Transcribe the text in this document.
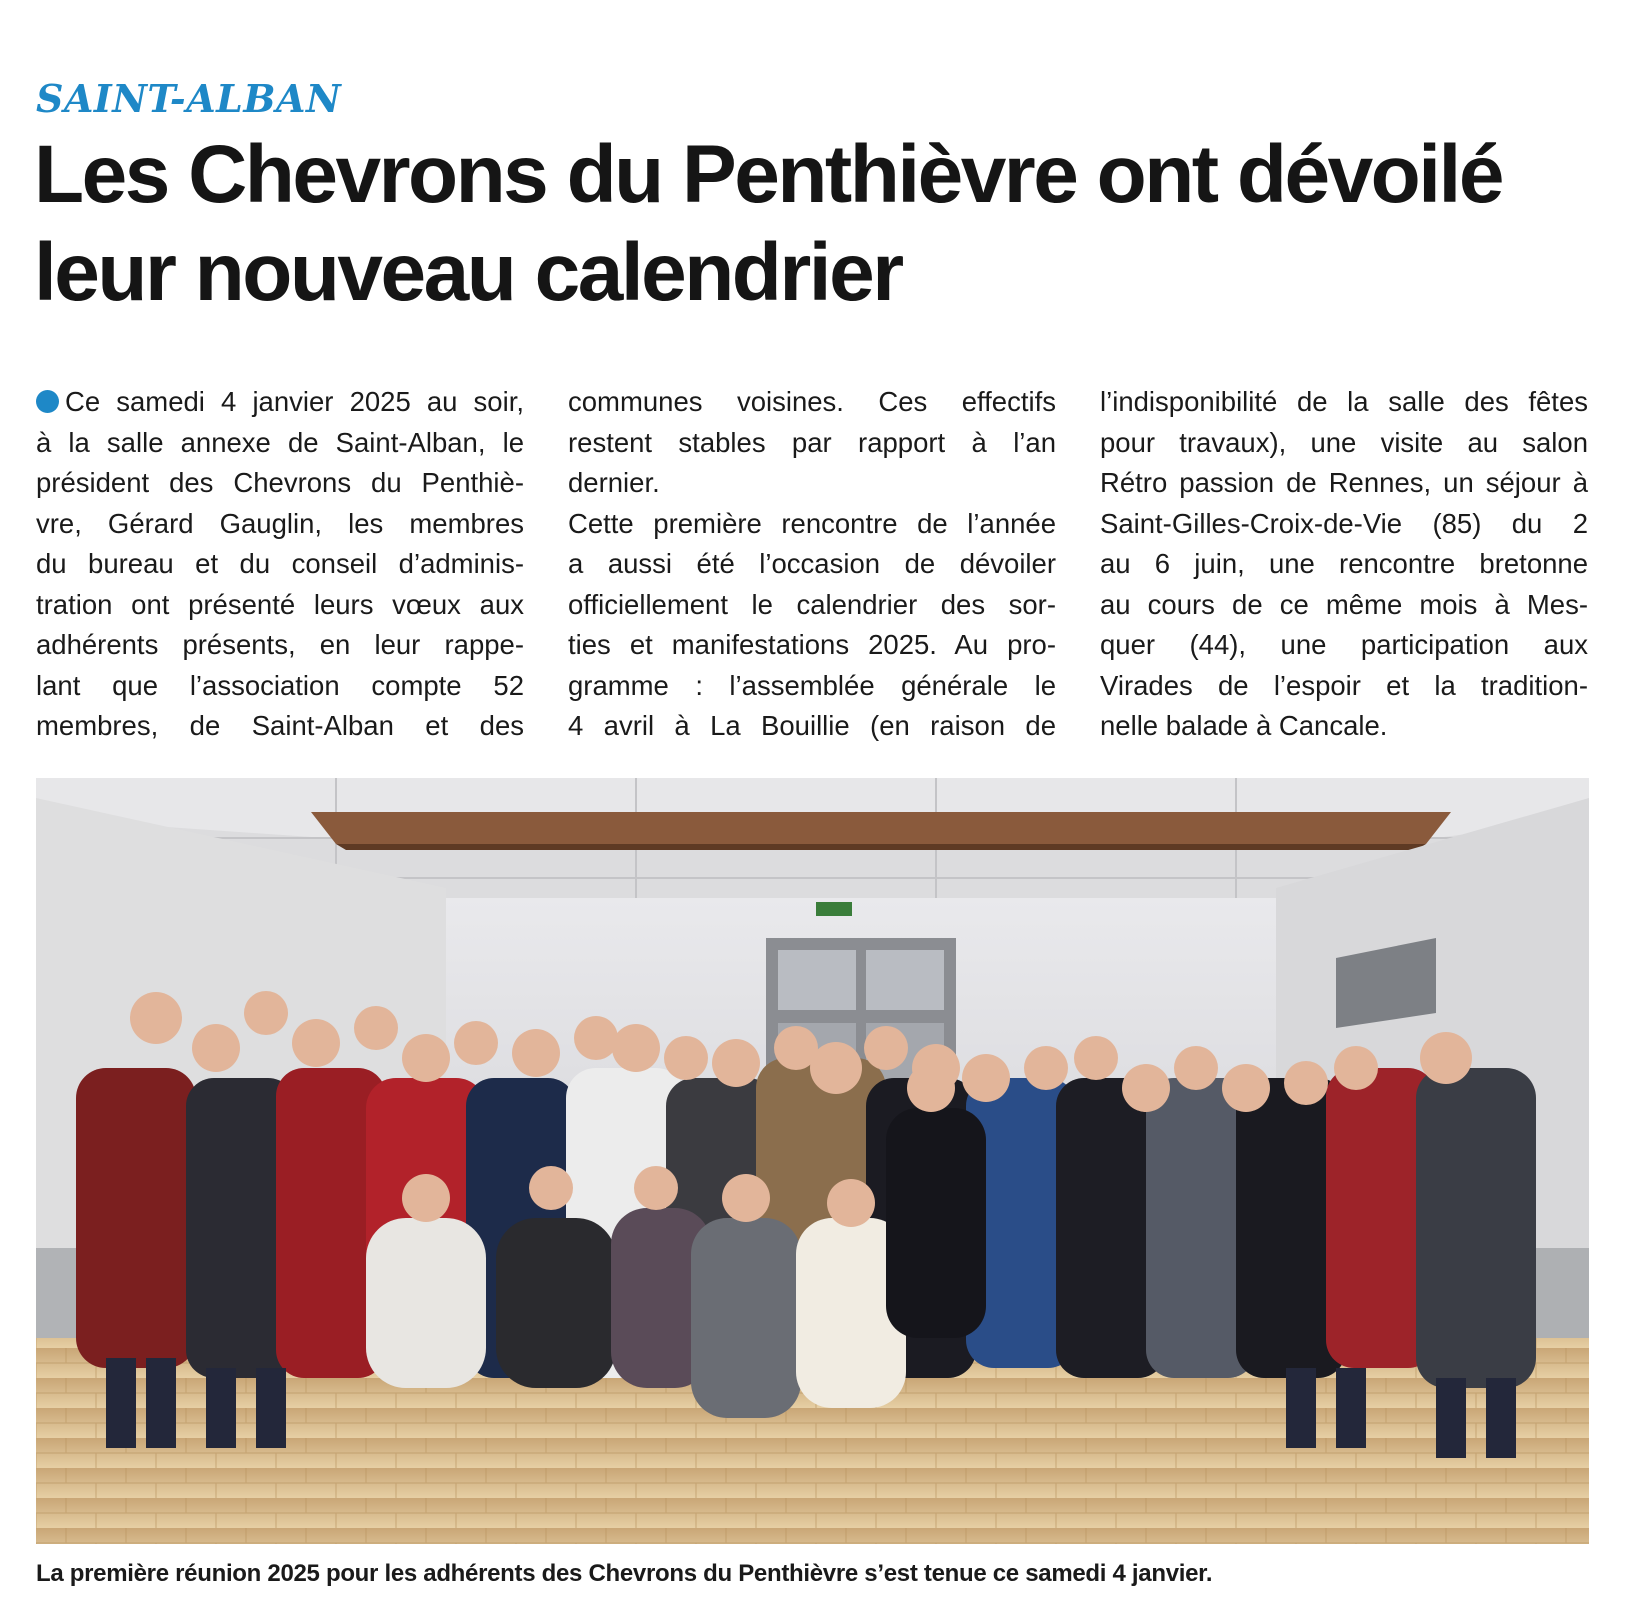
SAINT-ALBAN

Les Chevrons du Penthièvre ont dévoilé
leur nouveau calendrier
Ce samedi 4 janvier 2025 au soir,
à la salle annexe de Saint-Alban, le
président des Chevrons du Penthiè-
vre, Gérard Gauglin, les membres
du bureau et du conseil d’adminis-
tration ont présenté leurs vœux aux
adhérents présents, en leur rappe-
lant que l’association compte 52
membres, de Saint-Alban et des
communes voisines. Ces effectifs
restent stables par rapport à l’an
dernier.
Cette première rencontre de l’année
a aussi été l’occasion de dévoiler
officiellement le calendrier des sor-
ties et manifestations 2025. Au pro-
gramme : l’assemblée générale le
4 avril à La Bouillie (en raison de
l’indisponibilité de la salle des fêtes
pour travaux), une visite au salon
Rétro passion de Rennes, un séjour à
Saint-Gilles-Croix-de-Vie (85) du 2
au 6 juin, une rencontre bretonne
au cours de ce même mois à Mes-
quer (44), une participation aux
Virades de l’espoir et la tradition-
nelle balade à Cancale.

La première réunion 2025 pour les adhérents des Chevrons du Penthièvre s’est tenue ce samedi 4 janvier.
